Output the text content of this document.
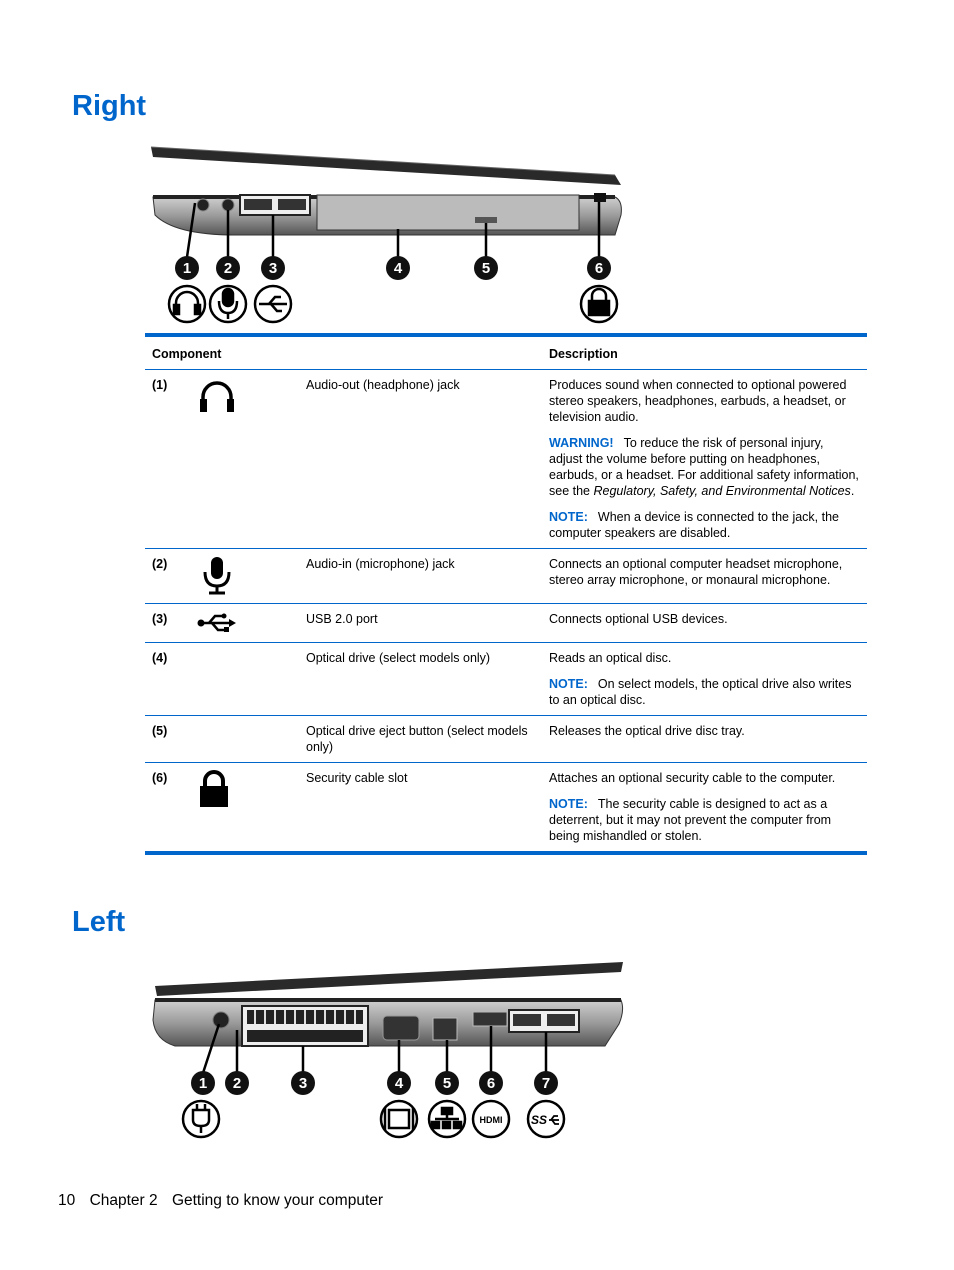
Right
1 2 3	4	5	6
Component			Description
(1)		Audio-out (headphone) jack	Produces sound when connected to optional powered stereo speakers, headphones, earbuds, a headset, or television audio.
WARNING! To reduce the risk of personal injury, adjust the volume before putting on headphones, earbuds, or a headset. For additional safety information, see the Regulatory, Safety, and Environmental Notices.
NOTE: When a device is connected to the jack, the computer speakers are disabled.

(2)		Audio-in (microphone) jack	Connects an optional computer headset microphone, stereo array microphone, or monaural microphone.
(3)		USB 2.0 port	Connects optional USB devices.
(4)		Optical drive (select models only)	Reads an optical disc.
NOTE: On select models, the optical drive also writes to an optical disc.

(5)		Optical drive eject button (select models only)	Releases the optical drive disc tray.
(6)		Security cable slot	Attaches an optional security cable to the computer.
NOTE: The security cable is designed to act as a deterrent, but it may not prevent the computer from being mishandled or stolen.
Left
1 2	3	4	5 6	7
HDMI SS
10 Chapter 2 Getting to know your computer
